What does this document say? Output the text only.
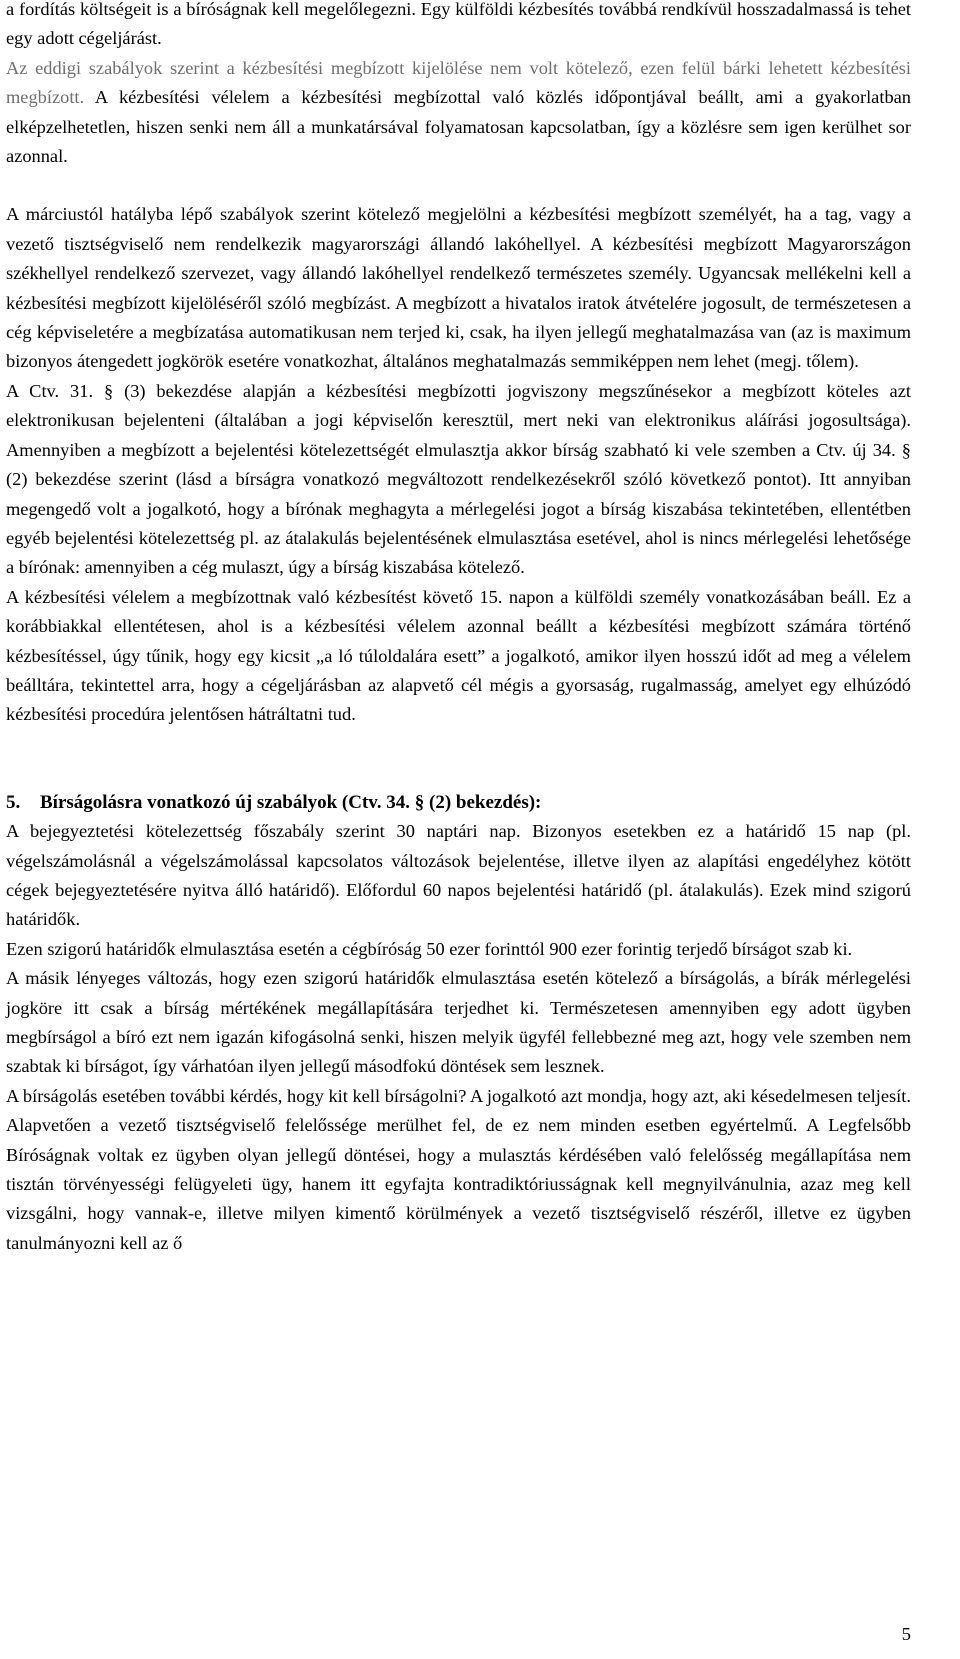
a fordítás költségeit is a bíróságnak kell megelőlegezni. Egy külföldi kézbesítés továbbá rendkívül hosszadalmassá is tehet egy adott cégeljárást.

Az eddigi szabályok szerint a kézbesítési megbízott kijelölése nem volt kötelező, ezen felül bárki lehetett kézbesítési megbízott. A kézbesítési vélelem a kézbesítési megbízottal való közlés időpontjával beállt, ami a gyakorlatban elképzelhetetlen, hiszen senki nem áll a munkatársával folyamatosan kapcsolatban, így a közlésre sem igen kerülhet sor azonnal.

A márciustól hatályba lépő szabályok szerint kötelező megjelölni a kézbesítési megbízott személyét, ha a tag, vagy a vezető tisztségviselő nem rendelkezik magyarországi állandó lakóhellyel. A kézbesítési megbízott Magyarországon székhellyel rendelkező szervezet, vagy állandó lakóhellyel rendelkező természetes személy. Ugyancsak mellékelni kell a kézbesítési megbízott kijelöléséről szóló megbízást. A megbízott a hivatalos iratok átvételére jogosult, de természetesen a cég képviseletére a megbízatása automatikusan nem terjed ki, csak, ha ilyen jellegű meghatalmazása van (az is maximum bizonyos átengedett jogkörök esetére vonatkozhat, általános meghatalmazás semmiképpen nem lehet (megj. tőlem).

A Ctv. 31. § (3) bekezdése alapján a kézbesítési megbízotti jogviszony megszűnésekor a megbízott köteles azt elektronikusan bejelenteni (általában a jogi képviselőn keresztül, mert neki van elektronikus aláírási jogosultsága). Amennyiben a megbízott a bejelentési kötelezettségét elmulasztja akkor bírság szabható ki vele szemben a Ctv. új 34. § (2) bekezdése szerint (lásd a bírságra vonatkozó megváltozott rendelkezésekről szóló következő pontot). Itt annyiban megengedő volt a jogalkotó, hogy a bírónak meghagyta a mérlegelési jogot a bírság kiszabása tekintetében, ellentétben egyéb bejelentési kötelezettség pl. az átalakulás bejelentésének elmulasztása esetével, ahol is nincs mérlegelési lehetősége a bírónak: amennyiben a cég mulaszt, úgy a bírság kiszabása kötelező.

A kézbesítési vélelem a megbízottnak való kézbesítést követő 15. napon a külföldi személy vonatkozásában beáll. Ez a korábbiakkal ellentétesen, ahol is a kézbesítési vélelem azonnal beállt a kézbesítési megbízott számára történő kézbesítéssel, úgy tűnik, hogy egy kicsit „a ló túloldalára esett” a jogalkotó, amikor ilyen hosszú időt ad meg a vélelem beálltára, tekintettel arra, hogy a cégeljárásban az alapvető cél mégis a gyorsaság, rugalmasság, amelyet egy elhúzódó kézbesítési procedúra jelentősen hátráltatni tud.

5. Bírságolásra vonatkozó új szabályok (Ctv. 34. § (2) bekezdés):

A bejegyeztetési kötelezettség főszabály szerint 30 naptári nap. Bizonyos esetekben ez a határidő 15 nap (pl. végelszámolásnál a végelszámolással kapcsolatos változások bejelentése, illetve ilyen az alapítási engedélyhez kötött cégek bejegyeztetésére nyitva álló határidő). Előfordul 60 napos bejelentési határidő (pl. átalakulás). Ezek mind szigorú határidők.

Ezen szigorú határidők elmulasztása esetén a cégbíróság 50 ezer forinttól 900 ezer forintig terjedő bírságot szab ki.

A másik lényeges változás, hogy ezen szigorú határidők elmulasztása esetén kötelező a bírságolás, a bírák mérlegelési jogköre itt csak a bírság mértékének megállapítására terjedhet ki. Természetesen amennyiben egy adott ügyben megbírságol a bíró ezt nem igazán kifogásolná senki, hiszen melyik ügyfél fellebbezné meg azt, hogy vele szemben nem szabtak ki bírságot, így várhatóan ilyen jellegű másodfokú döntések sem lesznek.

A bírságolás esetében további kérdés, hogy kit kell bírságolni? A jogalkotó azt mondja, hogy azt, aki késedelmesen teljesít. Alapvetően a vezető tisztségviselő felelőssége merülhet fel, de ez nem minden esetben egyértelmű. A Legfelsőbb Bíróságnak voltak ez ügyben olyan jellegű döntései, hogy a mulasztás kérdésében való felelősség megállapítása nem tisztán törvényességi felügyeleti ügy, hanem itt egyfajta kontradiktóriusságnak kell megnyilvánulnia, azaz meg kell vizsgálni, hogy vannak-e, illetve milyen kimentő körülmények a vezető tisztségviselő részéről, illetve ez ügyben tanulmányozni kell az ő

5
